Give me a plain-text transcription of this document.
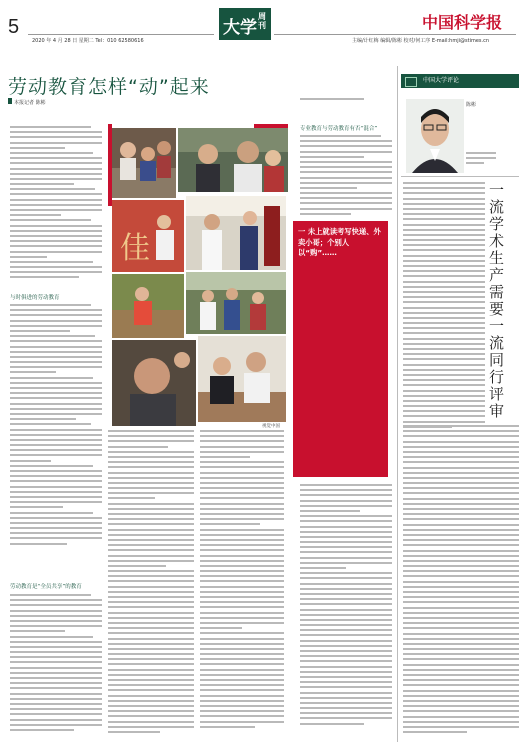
5
2020 年 4 月 28 日 星期二 Tel：010 62580616
大学
周刊	中国科学报
主编/计红梅 编辑/陈彬 校对/何工序 E-mail:hmji@stimes.cn
劳动教育怎样“动”起来
本报记者 陈彬
与时俱进的劳动教育
劳动教育是“全员共享”的教育
专业教育与劳动教育有否“混合”
佳
视觉中国
一 未上就读考写快递、外卖小哥；个别人以“购”……
中国大学评论
陈彬
一流学术生产需要一流同行评审
